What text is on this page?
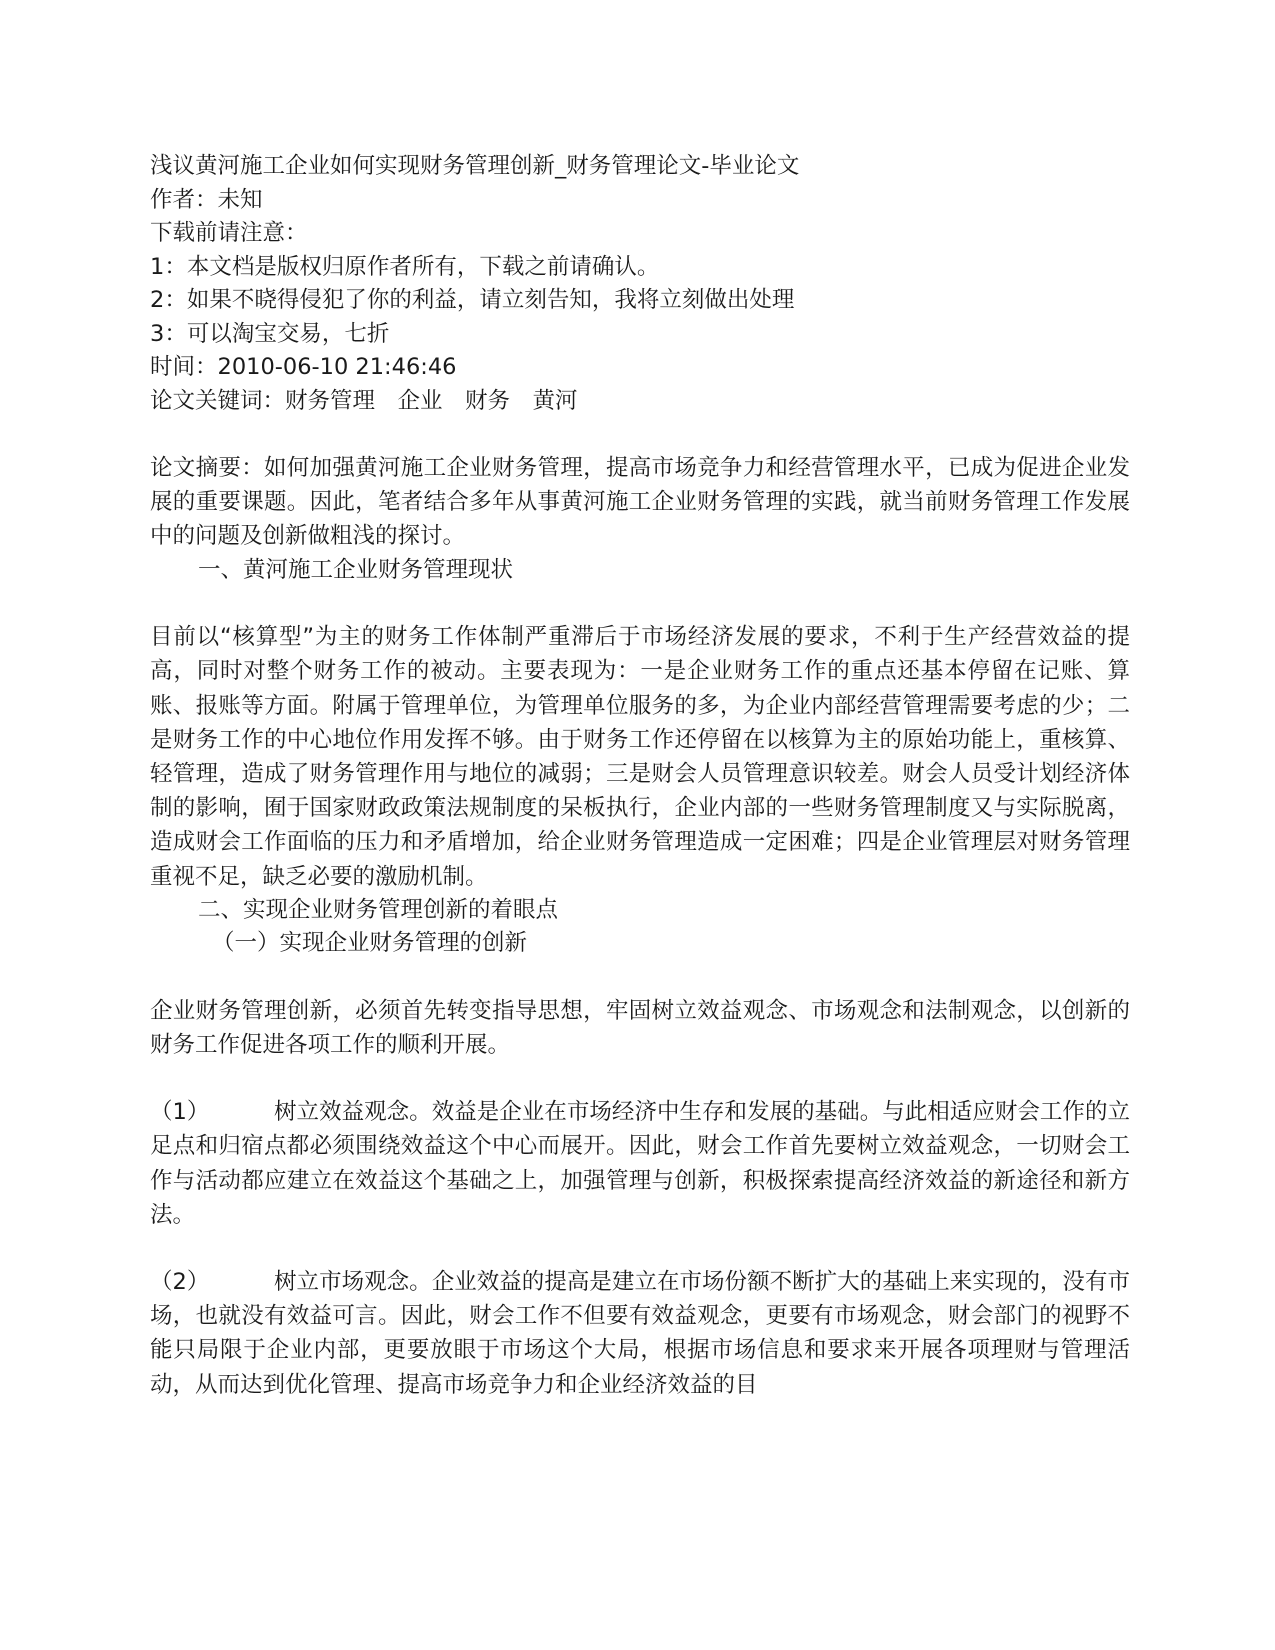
浅议黄河施工企业如何实现财务管理创新_财务管理论文-毕业论文
作者：未知
下载前请注意：
1：本文档是版权归原作者所有，下载之前请确认。
2：如果不晓得侵犯了你的利益，请立刻告知，我将立刻做出处理
3：可以淘宝交易，七折
时间：2010-06-10 21:46:46
论文关键词：财务管理　企业　财务　黄河
论文摘要：如何加强黄河施工企业财务管理，提高市场竞争力和经营管理水平，已成为促进企业发展的重要课题。因此，笔者结合多年从事黄河施工企业财务管理的实践，就当前财务管理工作发展中的问题及创新做粗浅的探讨。
一、黄河施工企业财务管理现状
目前以“核算型”为主的财务工作体制严重滞后于市场经济发展的要求，不利于生产经营效益的提高，同时对整个财务工作的被动。主要表现为：一是企业财务工作的重点还基本停留在记账、算账、报账等方面。附属于管理单位，为管理单位服务的多，为企业内部经营管理需要考虑的少；二是财务工作的中心地位作用发挥不够。由于财务工作还停留在以核算为主的原始功能上，重核算、轻管理，造成了财务管理作用与地位的减弱；三是财会人员管理意识较差。财会人员受计划经济体制的影响，囿于国家财政政策法规制度的呆板执行，企业内部的一些财务管理制度又与实际脱离，造成财会工作面临的压力和矛盾增加，给企业财务管理造成一定困难；四是企业管理层对财务管理重视不足，缺乏必要的激励机制。
二、实现企业财务管理创新的着眼点
（一）实现企业财务管理的创新
企业财务管理创新，必须首先转变指导思想，牢固树立效益观念、市场观念和法制观念，以创新的财务工作促进各项工作的顺利开展。
（1）	树立效益观念。效益是企业在市场经济中生存和发展的基础。与此相适应财会工作的立足点和归宿点都必须围绕效益这个中心而展开。因此，财会工作首先要树立效益观念，一切财会工作与活动都应建立在效益这个基础之上，加强管理与创新，积极探索提高经济效益的新途径和新方法。
（2）	树立市场观念。企业效益的提高是建立在市场份额不断扩大的基础上来实现的，没有市场，也就没有效益可言。因此，财会工作不但要有效益观念，更要有市场观念，财会部门的视野不能只局限于企业内部，更要放眼于市场这个大局，根据市场信息和要求来开展各项理财与管理活动，从而达到优化管理、提高市场竞争力和企业经济效益的目
